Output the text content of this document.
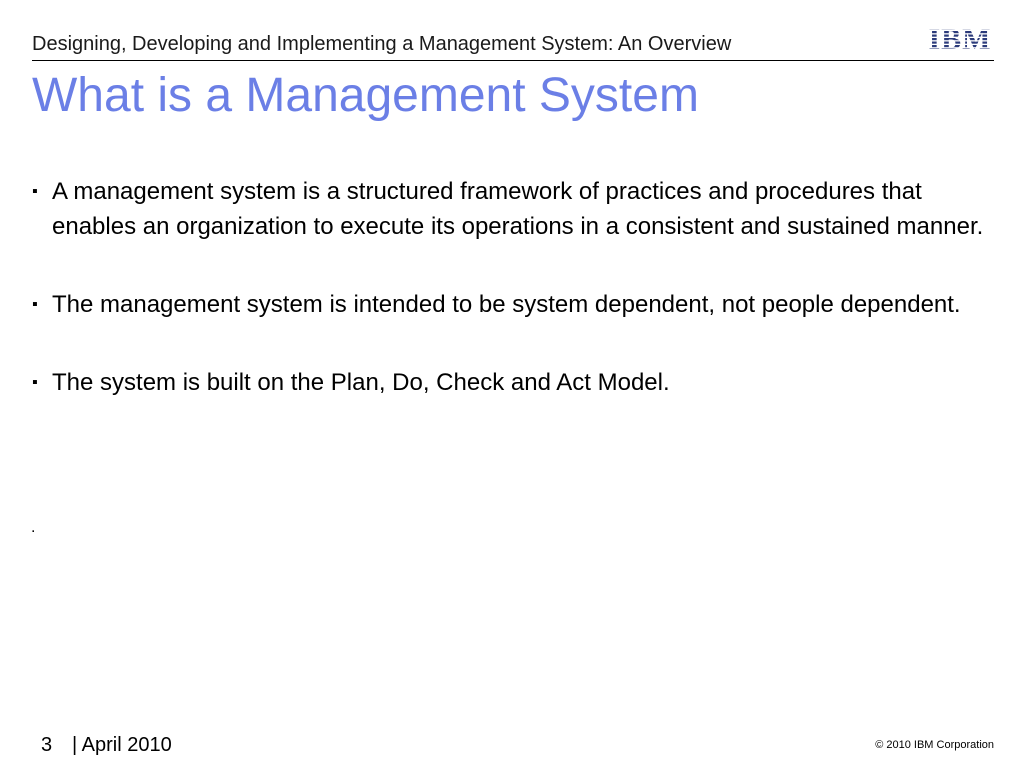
Designing, Developing and Implementing a Management System: An Overview	IBM
What is a Management System
▪ A management system is a structured framework of practices and procedures that enables an organization to execute its operations in a consistent and sustained manner.
▪ The management system is intended to be system dependent, not people dependent.
▪ The system is built on the Plan, Do, Check and Act Model.
.
3 | April 2010	© 2010 IBM Corporation
